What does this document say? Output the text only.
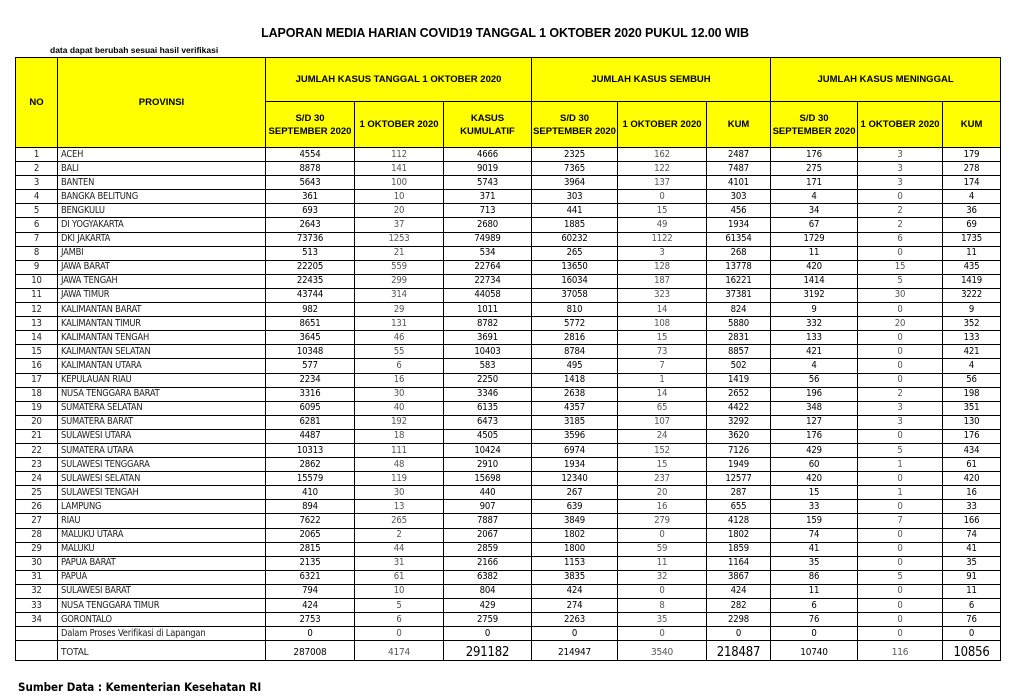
LAPORAN MEDIA HARIAN COVID19 TANGGAL 1 OKTOBER 2020 PUKUL 12.00 WIB
data dapat berubah sesuai hasil verifikasi
NO	PROVINSI	JUMLAH KASUS TANGGAL 1 OKTOBER 2020			JUMLAH KASUS SEMBUH			JUMLAH KASUS MENINGGAL		
		S/D 30 SEPTEMBER 2020	1 OKTOBER 2020	KASUS KUMULATIF	S/D 30 SEPTEMBER 2020	1 OKTOBER 2020	KUM	S/D 30 SEPTEMBER 2020	1 OKTOBER 2020	KUM
1	ACEH	4554	112	4666	2325	162	2487	176	3	179
2	BALI	8878	141	9019	7365	122	7487	275	3	278
3	BANTEN	5643	100	5743	3964	137	4101	171	3	174
4	BANGKA BELITUNG	361	10	371	303	0	303	4	0	4
5	BENGKULU	693	20	713	441	15	456	34	2	36
6	DI YOGYAKARTA	2643	37	2680	1885	49	1934	67	2	69
7	DKI JAKARTA	73736	1253	74989	60232	1122	61354	1729	6	1735
8	JAMBI	513	21	534	265	3	268	11	0	11
9	JAWA BARAT	22205	559	22764	13650	128	13778	420	15	435
10	JAWA TENGAH	22435	299	22734	16034	187	16221	1414	5	1419
11	JAWA TIMUR	43744	314	44058	37058	323	37381	3192	30	3222
12	KALIMANTAN BARAT	982	29	1011	810	14	824	9	0	9
13	KALIMANTAN TIMUR	8651	131	8782	5772	108	5880	332	20	352
14	KALIMANTAN TENGAH	3645	46	3691	2816	15	2831	133	0	133
15	KALIMANTAN SELATAN	10348	55	10403	8784	73	8857	421	0	421
16	KALIMANTAN UTARA	577	6	583	495	7	502	4	0	4
17	KEPULAUAN RIAU	2234	16	2250	1418	1	1419	56	0	56
18	NUSA TENGGARA BARAT	3316	30	3346	2638	14	2652	196	2	198
19	SUMATERA SELATAN	6095	40	6135	4357	65	4422	348	3	351
20	SUMATERA BARAT	6281	192	6473	3185	107	3292	127	3	130
21	SULAWESI UTARA	4487	18	4505	3596	24	3620	176	0	176
22	SUMATERA UTARA	10313	111	10424	6974	152	7126	429	5	434
23	SULAWESI TENGGARA	2862	48	2910	1934	15	1949	60	1	61
24	SULAWESI SELATAN	15579	119	15698	12340	237	12577	420	0	420
25	SULAWESI TENGAH	410	30	440	267	20	287	15	1	16
26	LAMPUNG	894	13	907	639	16	655	33	0	33
27	RIAU	7622	265	7887	3849	279	4128	159	7	166
28	MALUKU UTARA	2065	2	2067	1802	0	1802	74	0	74
29	MALUKU	2815	44	2859	1800	59	1859	41	0	41
30	PAPUA BARAT	2135	31	2166	1153	11	1164	35	0	35
31	PAPUA	6321	61	6382	3835	32	3867	86	5	91
32	SULAWESI BARAT	794	10	804	424	0	424	11	0	11
33	NUSA TENGGARA TIMUR	424	5	429	274	8	282	6	0	6
34	GORONTALO	2753	6	2759	2263	35	2298	76	0	76
	Dalam Proses Verifikasi di Lapangan	0	0	0	0	0	0	0	0	0
	TOTAL	287008	4174	291182	214947	3540	218487	10740	116	10856
Sumber Data : Kementerian Kesehatan RI
